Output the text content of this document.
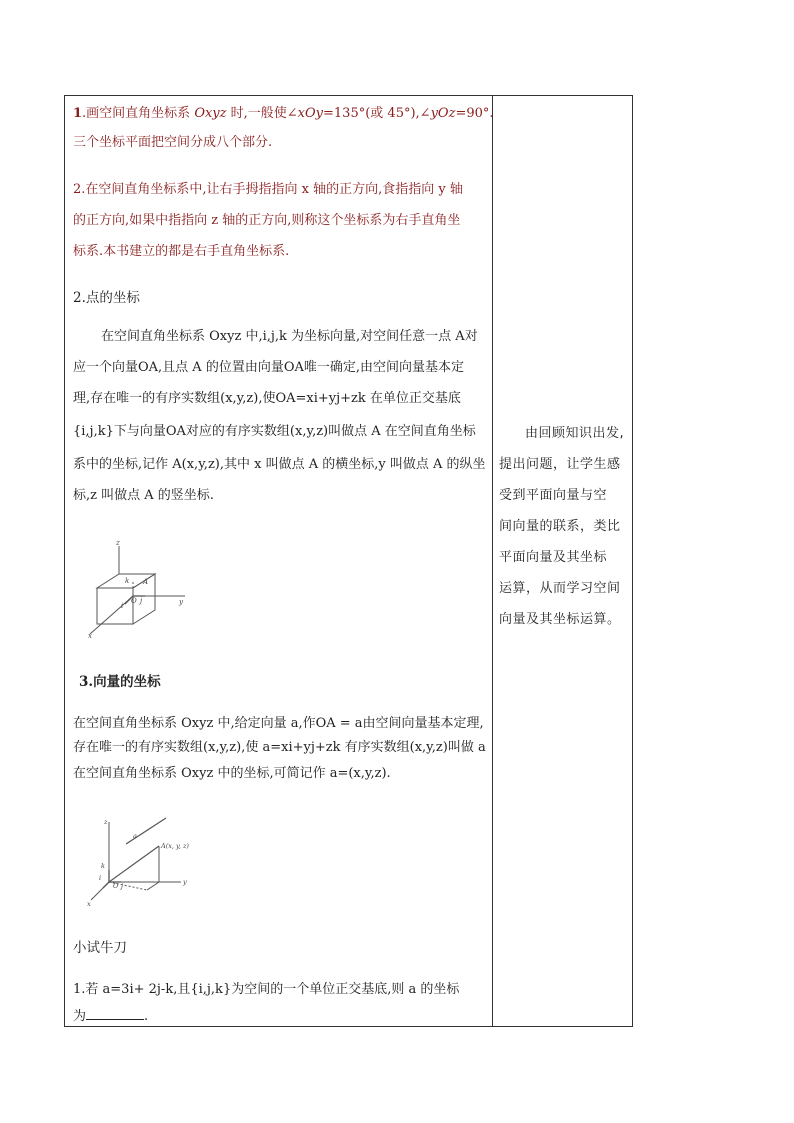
1.画空间直角坐标系 Oxyz 时,一般使∠xOy=135°(或 45°),∠yOz=90°.

三个坐标平面把空间分成八个部分.

2.在空间直角坐标系中,让右手拇指指向 x 轴的正方向,食指指向 y 轴

的正方向,如果中指指向 z 轴的正方向,则称这个坐标系为右手直角坐

标系.本书建立的都是右手直角坐标系.

2.点的坐标

在空间直角坐标系 Oxyz 中,i,j,k 为坐标向量,对空间任意一点 A对

应一个向量OA,且点 A 的位置由向量OA唯一确定,由空间向量基本定

理,存在唯一的有序实数组(x,y,z),使OA=xi+yj+zk 在单位正交基底

{i,j,k}下与向量OA对应的有序实数组(x,y,z)叫做点 A 在空间直角坐标

系中的坐标,记作 A(x,y,z),其中 x 叫做点 A 的横坐标,y 叫做点 A 的纵坐

标,z 叫做点 A 的竖坐标.

z
k A
O j
i	y
x

3.向量的坐标

在空间直角坐标系 Oxyz 中,给定向量 a,作OA = a由空间向量基本定理,

存在唯一的有序实数组(x,y,z),使 a=xi+yj+zk 有序实数组(x,y,z)叫做 a

在空间直角坐标系 Oxyz 中的坐标,可简记作 a=(x,y,z).

z
a
A(x, y, z)
k
O
i
j	y
x

小试牛刀

1.若 a=3i+ 2j-k,且{i,j,k}为空间的一个单位正交基底,则 a 的坐标

为	.

由回顾知识出发,
提出问题，让学生感
受到平面向量与空
间向量的联系，类比
平面向量及其坐标
运算，从而学习空间
向量及其坐标运算。
